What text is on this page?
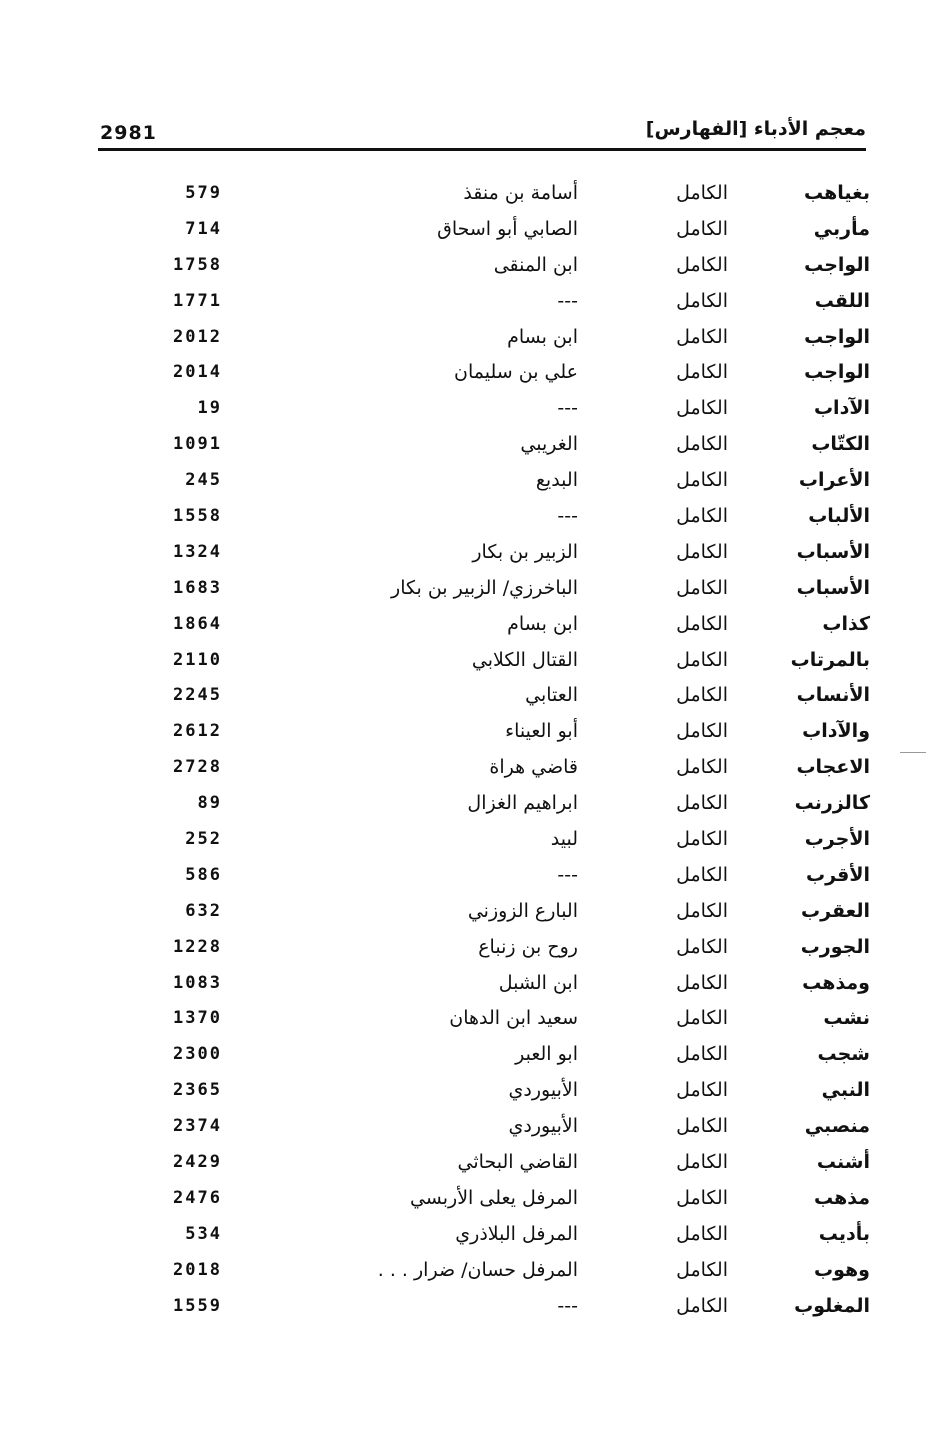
2981	معجم الأدباء [الفهارس]
بغياهب
الكامل
أسامة بن منقذ
579
مأربي
الكامل
الصابي أبو اسحاق
714
الواجب
الكامل
ابن المنقى
1758
اللقب
الكامل
---
1771
الواجب
الكامل
ابن بسام
2012
الواجب
الكامل
علي بن سليمان
2014
الآداب
الكامل
---
19
الكتّاب
الكامل
الغريبي
1091
الأعراب
الكامل
البديع
245
الألباب
الكامل
---
1558
الأسباب
الكامل
الزبير بن بكار
1324
الأسباب
الكامل
الباخرزي/ الزبير بن بكار
1683
كذاب
الكامل
ابن بسام
1864
بالمرتاب
الكامل
القتال الكلابي
2110
الأنساب
الكامل
العتابي
2245
والآداب
الكامل
أبو العيناء
2612
الاعجاب
الكامل
قاضي هراة
2728
كالزرنب
الكامل
ابراهيم الغزال
89
الأجرب
الكامل
لبيد
252
الأقرب
الكامل
---
586
العقرب
الكامل
البارع الزوزني
632
الجورب
الكامل
روح بن زنباع
1228
ومذهب
الكامل
ابن الشبل
1083
نشب
الكامل
سعيد ابن الدهان
1370
شجب
الكامل
ابو العبر
2300
النبي
الكامل
الأبيوردي
2365
منصبي
الكامل
الأبيوردي
2374
أشنب
الكامل
القاضي البحاثي
2429
مذهب
الكامل
المرفل يعلى الأربسي
2476
بأديب
الكامل
المرفل البلاذري
534
وهوب
الكامل
المرفل حسان/ ضرار . . .
2018
المغلوب
الكامل
---
1559
